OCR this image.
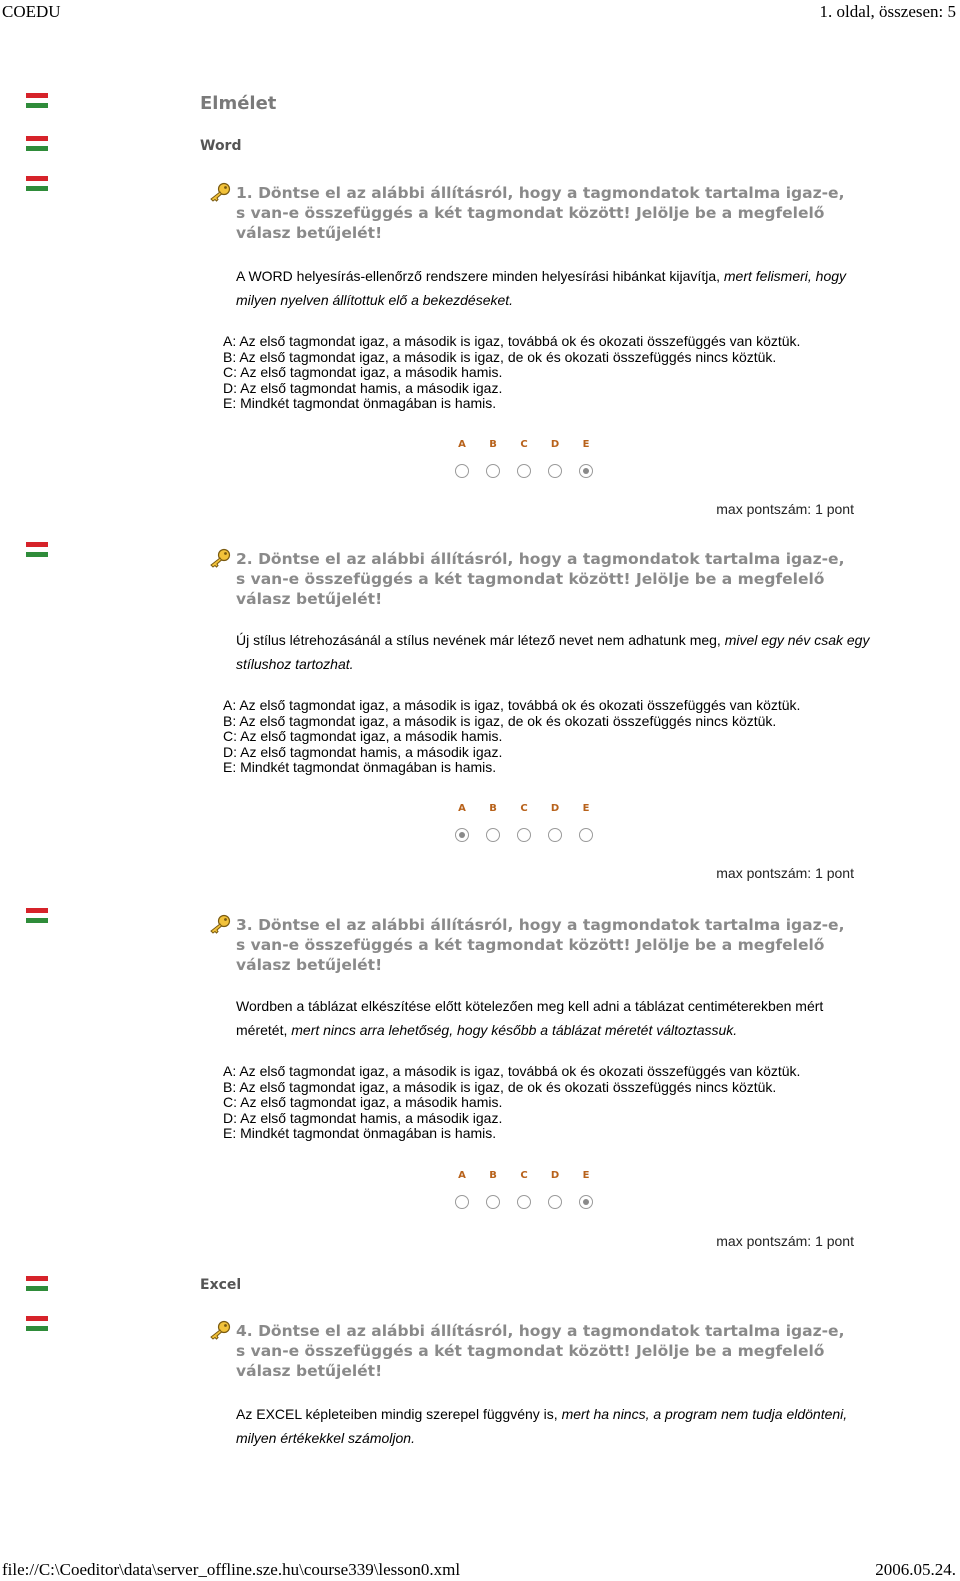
COEDU	1. oldal, összesen: 5
file://C:\Coeditor\data\server_offline.sze.hu\course339\lesson0.xml	2006.05.24.
Elmélet
Word
Excel
1. Döntse el az alábbi állításról, hogy a tagmondatok tartalma igaz-e, s van-e összefüggés a két tagmondat között! Jelölje be a megfelelő válasz betűjelét!
A WORD helyesírás-ellenőrző rendszere minden helyesírási hibánkat kijavítja, mert felismeri, hogy milyen nyelven állítottuk elő a bekezdéseket.
A: Az első tagmondat igaz, a második is igaz, továbbá ok és okozati összefüggés van köztük.
B: Az első tagmondat igaz, a második is igaz, de ok és okozati összefüggés nincs köztük.
C: Az első tagmondat igaz, a második hamis.
D: Az első tagmondat hamis, a második igaz.
E: Mindkét tagmondat önmagában is hamis.
A	B	C	D	E
max pontszám: 1 pont
2. Döntse el az alábbi állításról, hogy a tagmondatok tartalma igaz-e, s van-e összefüggés a két tagmondat között! Jelölje be a megfelelő válasz betűjelét!
Új stílus létrehozásánál a stílus nevének már létező nevet nem adhatunk meg, mivel egy név csak egy stílushoz tartozhat.
A: Az első tagmondat igaz, a második is igaz, továbbá ok és okozati összefüggés van köztük.
B: Az első tagmondat igaz, a második is igaz, de ok és okozati összefüggés nincs köztük.
C: Az első tagmondat igaz, a második hamis.
D: Az első tagmondat hamis, a második igaz.
E: Mindkét tagmondat önmagában is hamis.
A	B	C	D	E
max pontszám: 1 pont
3. Döntse el az alábbi állításról, hogy a tagmondatok tartalma igaz-e, s van-e összefüggés a két tagmondat között! Jelölje be a megfelelő válasz betűjelét!
Wordben a táblázat elkészítése előtt kötelezően meg kell adni a táblázat centiméterekben mért méretét, mert nincs arra lehetőség, hogy később a táblázat méretét változtassuk.
A: Az első tagmondat igaz, a második is igaz, továbbá ok és okozati összefüggés van köztük.
B: Az első tagmondat igaz, a második is igaz, de ok és okozati összefüggés nincs köztük.
C: Az első tagmondat igaz, a második hamis.
D: Az első tagmondat hamis, a második igaz.
E: Mindkét tagmondat önmagában is hamis.
A	B	C	D	E
max pontszám: 1 pont
4. Döntse el az alábbi állításról, hogy a tagmondatok tartalma igaz-e, s van-e összefüggés a két tagmondat között! Jelölje be a megfelelő válasz betűjelét!
Az EXCEL képleteiben mindig szerepel függvény is, mert ha nincs, a program nem tudja eldönteni, milyen értékekkel számoljon.
